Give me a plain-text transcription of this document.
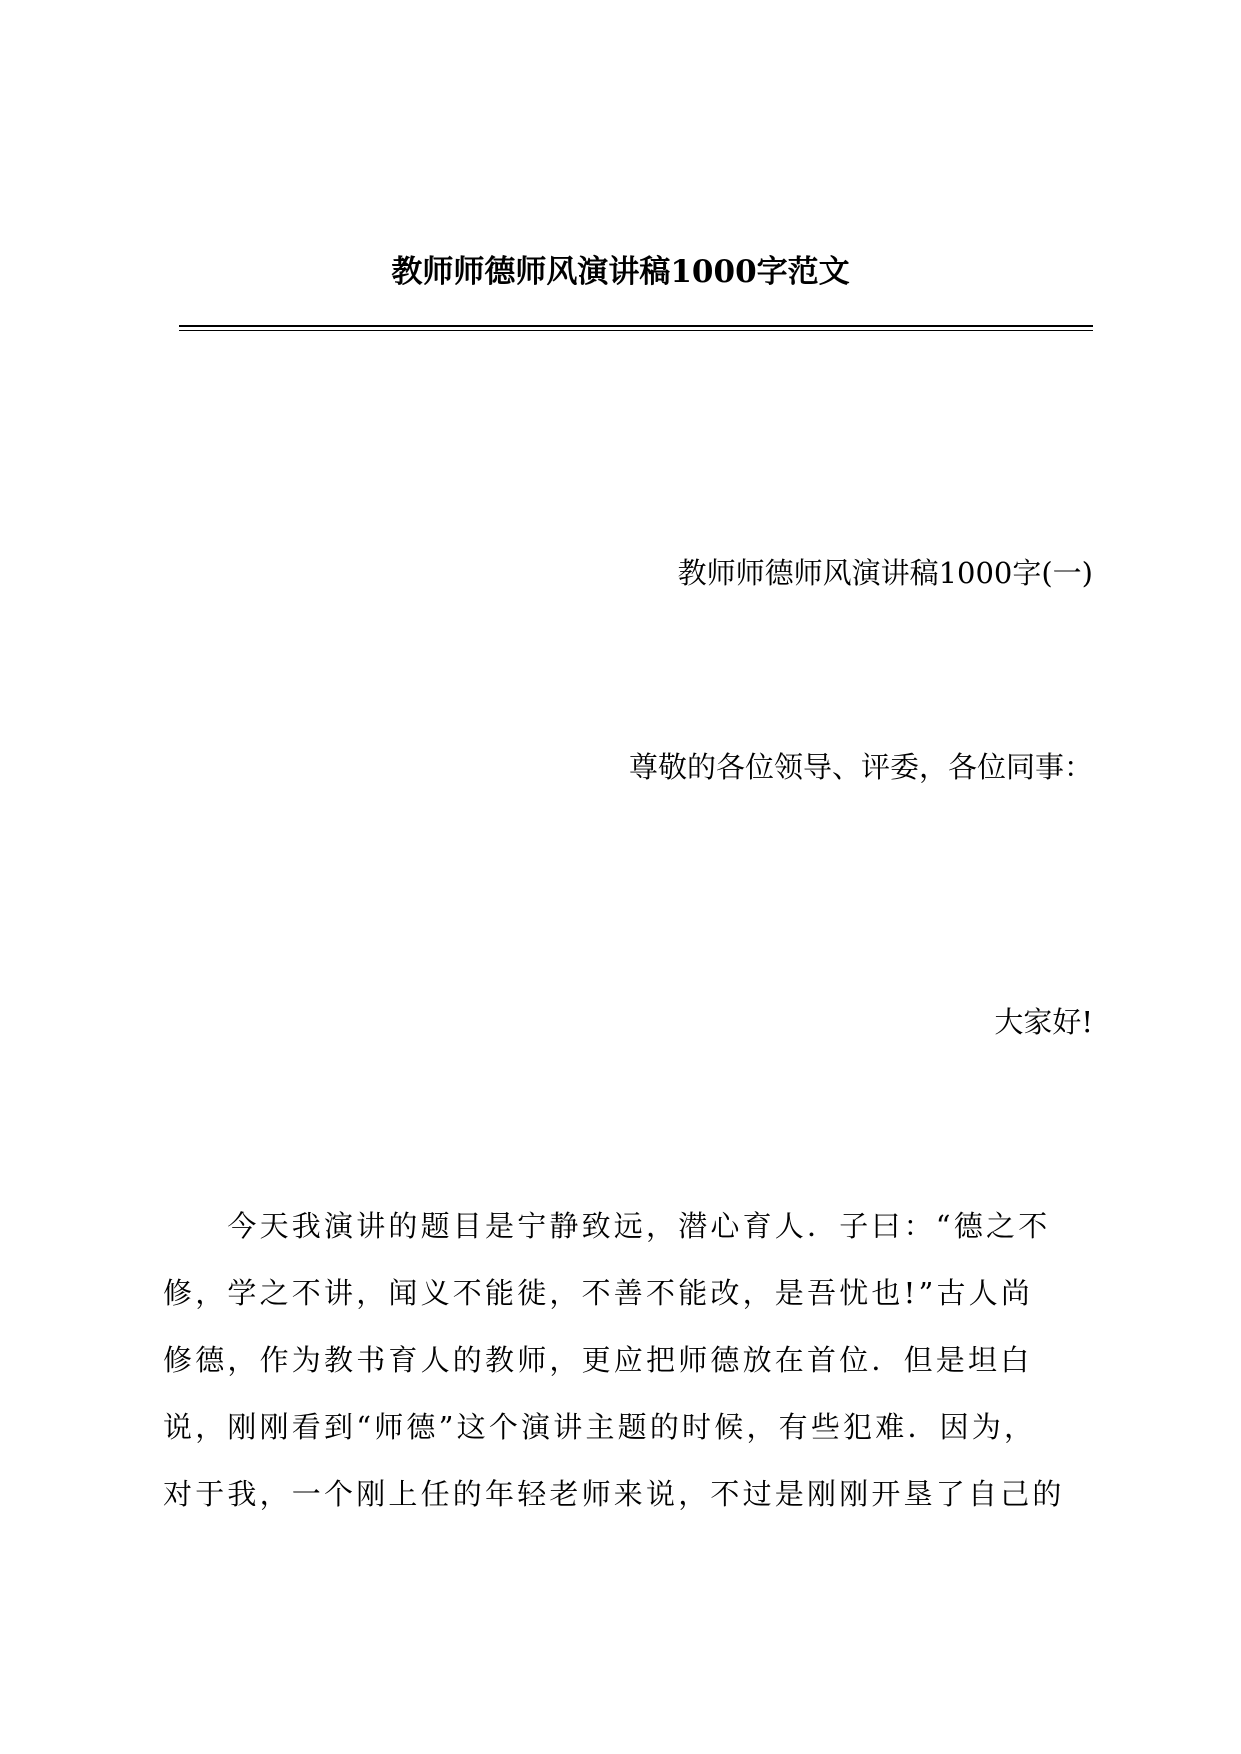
教师师德师风演讲稿1000字范文

教师师德师风演讲稿1000字(一)

尊敬的各位领导、评委，各位同事：

大家好!

　　今天我演讲的题目是宁静致远，潜心育人．子曰：“德之不
修，学之不讲，闻义不能徙，不善不能改，是吾忧也!”古人尚
修德，作为教书育人的教师，更应把师德放在首位．但是坦白
说，刚刚看到“师德”这个演讲主题的时候，有些犯难．因为，
对于我，一个刚上任的年轻老师来说，不过是刚刚开垦了自己的
